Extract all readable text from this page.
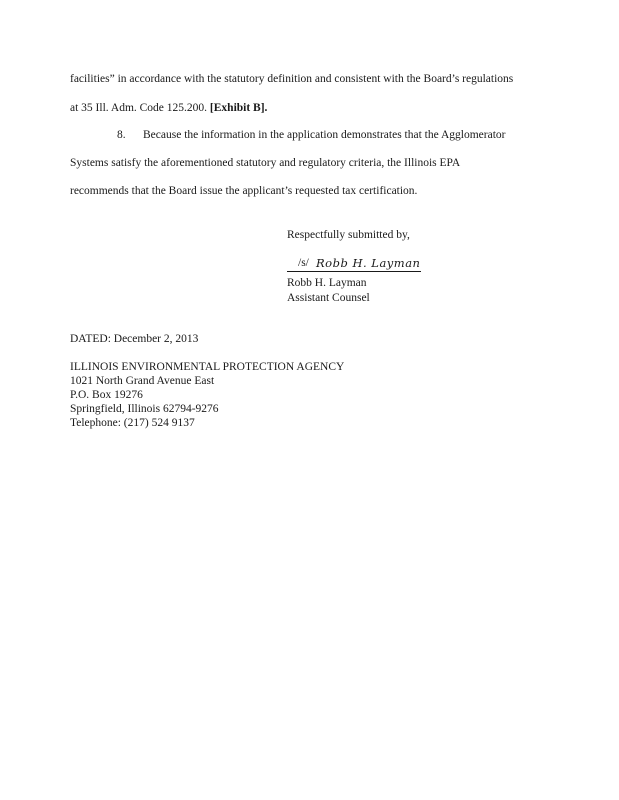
facilities” in accordance with the statutory definition and consistent with the Board’s regulations
at 35 Ill. Adm. Code 125.200. [Exhibit B].
8. Because the information in the application demonstrates that the Agglomerator
Systems satisfy the aforementioned statutory and regulatory criteria, the Illinois EPA
recommends that the Board issue the applicant’s requested tax certification.
Respectfully submitted by,
/s/ Robb H. Layman
Robb H. Layman
Assistant Counsel
DATED: December 2, 2013
ILLINOIS ENVIRONMENTAL PROTECTION AGENCY
1021 North Grand Avenue East
P.O. Box 19276
Springfield, Illinois 62794-9276
Telephone: (217) 524 9137
